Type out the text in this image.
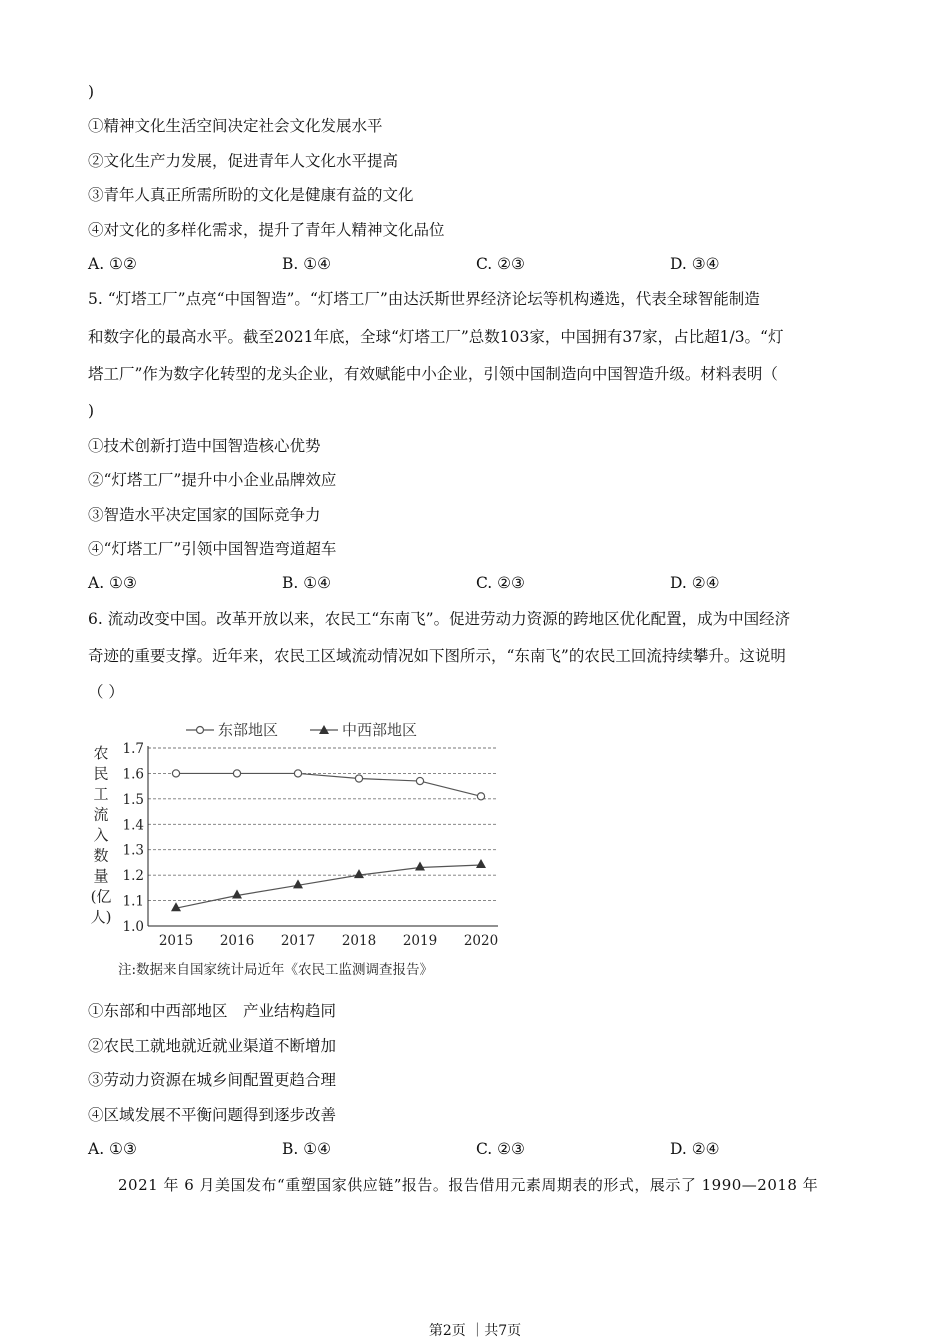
)
①精神文化生活空间决定社会文化发展水平
②文化生产力发展，促进青年人文化水平提高
③青年人真正所需所盼的文化是健康有益的文化
④对文化的多样化需求，提升了青年人精神文化品位
A. ①②	B. ①④	C. ②③	D. ③④
5. “灯塔工厂”点亮“中国智造”。“灯塔工厂”由达沃斯世界经济论坛等机构遴选，代表全球智能制造
和数字化的最高水平。截至2021年底，全球“灯塔工厂”总数103家，中国拥有37家，占比超1/3。“灯
塔工厂”作为数字化转型的龙头企业，有效赋能中小企业，引领中国制造向中国智造升级。材料表明（
)
①技术创新打造中国智造核心优势
②“灯塔工厂”提升中小企业品牌效应
③智造水平决定国家的国际竞争力
④“灯塔工厂”引领中国智造弯道超车
A. ①③	B. ①④	C. ②③	D. ②④
6. 流动改变中国。改革开放以来，农民工“东南飞”。促进劳动力资源的跨地区优化配置，成为中国经济
奇迹的重要支撑。近年来，农民工区域流动情况如下图所示，“东南飞”的农民工回流持续攀升。这说明
（ ）
东部地区	中西部地区
1.0
1.1
1.2
1.3
1.4
1.5
1.6
1.7
2015 2016 2017 2018 2019 2020
农
民
工
流
入
数
量
(亿
人)
注:数据来自国家统计局近年《农民工监测调查报告》
①东部和中西部地区　产业结构趋同
②农民工就地就近就业渠道不断增加
③劳动力资源在城乡间配置更趋合理
④区域发展不平衡问题得到逐步改善
A. ①③	B. ①④	C. ②③	D. ②④
2021 年 6 月美国发布“重塑国家供应链”报告。报告借用元素周期表的形式，展示了 1990—2018 年
第2页 ｜共7页
